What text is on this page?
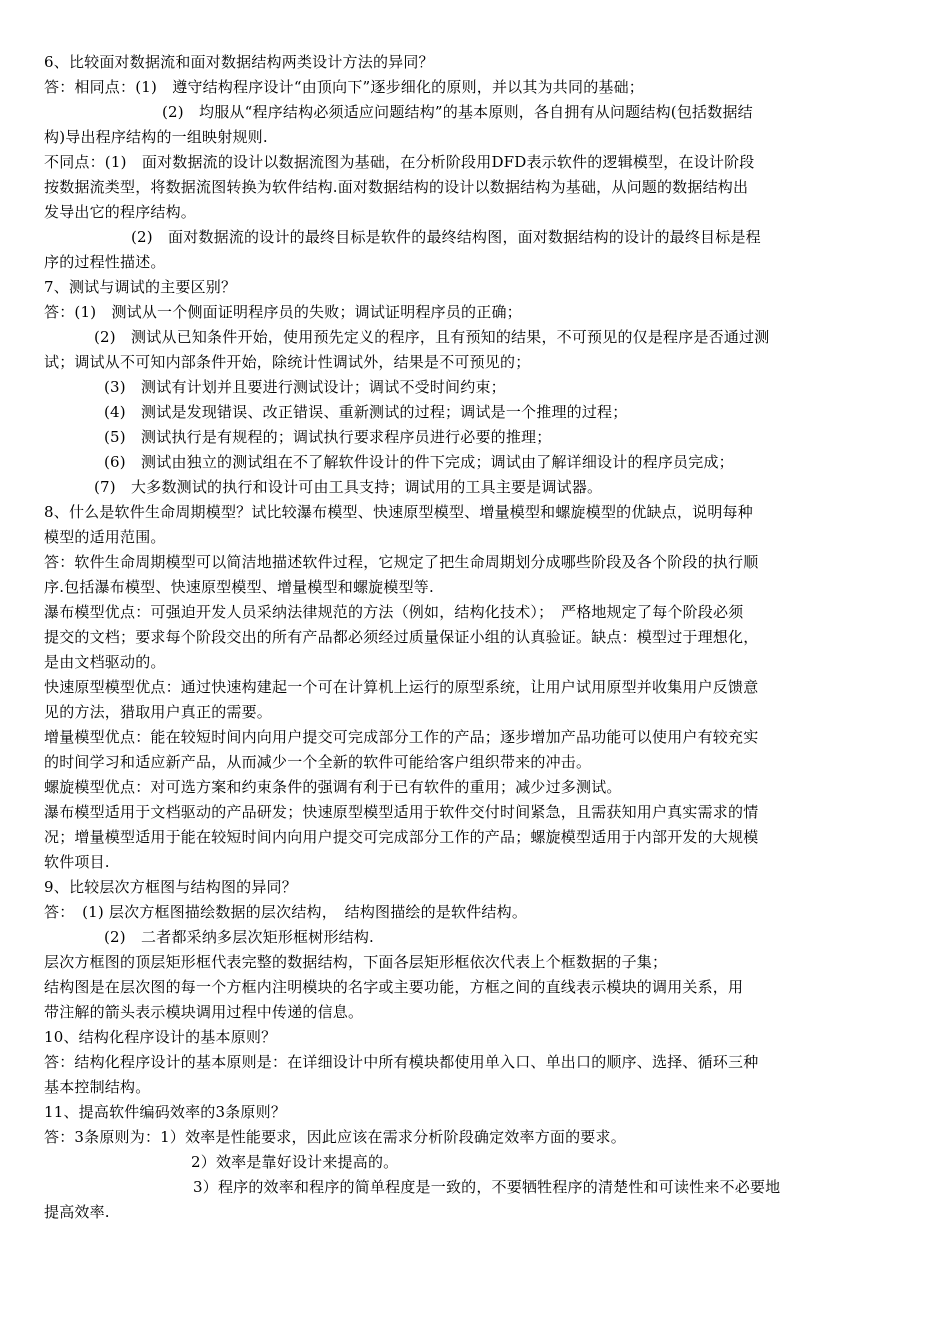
6、比较面对数据流和面对数据结构两类设计方法的异同？
答：相同点：(1)　遵守结构程序设计“由顶向下”逐步细化的原则，并以其为共同的基础；
(2)　均服从“程序结构必须适应问题结构”的基本原则，各自拥有从问题结构(包括数据结
构)导出程序结构的一组映射规则.
不同点：(1)　面对数据流的设计以数据流图为基础，在分析阶段用DFD表示软件的逻辑模型，在设计阶段
按数据流类型，将数据流图转换为软件结构.面对数据结构的设计以数据结构为基础，从问题的数据结构出
发导出它的程序结构。
(2)　面对数据流的设计的最终目标是软件的最终结构图，面对数据结构的设计的最终目标是程
序的过程性描述。
7、测试与调试的主要区别？
答：(1)　测试从一个侧面证明程序员的失败；调试证明程序员的正确；
(2)　测试从已知条件开始，使用预先定义的程序，且有预知的结果，不可预见的仅是程序是否通过测
试；调试从不可知内部条件开始，除统计性调试外，结果是不可预见的；
(3)　测试有计划并且要进行测试设计；调试不受时间约束；
(4)　测试是发现错误、改正错误、重新测试的过程；调试是一个推理的过程；
(5)　测试执行是有规程的；调试执行要求程序员进行必要的推理；
(6)　测试由独立的测试组在不了解软件设计的件下完成；调试由了解详细设计的程序员完成；
(7)　大多数测试的执行和设计可由工具支持；调试用的工具主要是调试器。
8、什么是软件生命周期模型？试比较瀑布模型、快速原型模型、增量模型和螺旋模型的优缺点，说明每种
模型的适用范围。
答：软件生命周期模型可以简洁地描述软件过程，它规定了把生命周期划分成哪些阶段及各个阶段的执行顺
序.包括瀑布模型、快速原型模型、增量模型和螺旋模型等.
瀑布模型优点：可强迫开发人员采纳法律规范的方法（例如，结构化技术）；　严格地规定了每个阶段必须
提交的文档；要求每个阶段交出的所有产品都必须经过质量保证小组的认真验证。缺点：模型过于理想化，
是由文档驱动的。
快速原型模型优点：通过快速构建起一个可在计算机上运行的原型系统，让用户试用原型并收集用户反馈意
见的方法，猎取用户真正的需要。
增量模型优点：能在较短时间内向用户提交可完成部分工作的产品；逐步增加产品功能可以使用户有较充实
的时间学习和适应新产品，从而减少一个全新的软件可能给客户组织带来的冲击。
螺旋模型优点：对可选方案和约束条件的强调有利于已有软件的重用；减少过多测试。
瀑布模型适用于文档驱动的产品研发；快速原型模型适用于软件交付时间紧急，且需获知用户真实需求的情
况；增量模型适用于能在较短时间内向用户提交可完成部分工作的产品；螺旋模型适用于内部开发的大规模
软件项目.
9、比较层次方框图与结构图的异同？
答：　(1) 层次方框图描绘数据的层次结构，　结构图描绘的是软件结构。
(2)　二者都采纳多层次矩形框树形结构.
层次方框图的顶层矩形框代表完整的数据结构，下面各层矩形框依次代表上个框数据的子集；
结构图是在层次图的每一个方框内注明模块的名字或主要功能，方框之间的直线表示模块的调用关系，用
带注解的箭头表示模块调用过程中传递的信息。
10、结构化程序设计的基本原则？
答：结构化程序设计的基本原则是：在详细设计中所有模块都使用单入口、单出口的顺序、选择、循环三种
基本控制结构。
11、提高软件编码效率的3条原则？
答：3条原则为：1）效率是性能要求，因此应该在需求分析阶段确定效率方面的要求。
2）效率是靠好设计来提高的。
3）程序的效率和程序的简单程度是一致的，不要牺牲程序的清楚性和可读性来不必要地
提高效率.
